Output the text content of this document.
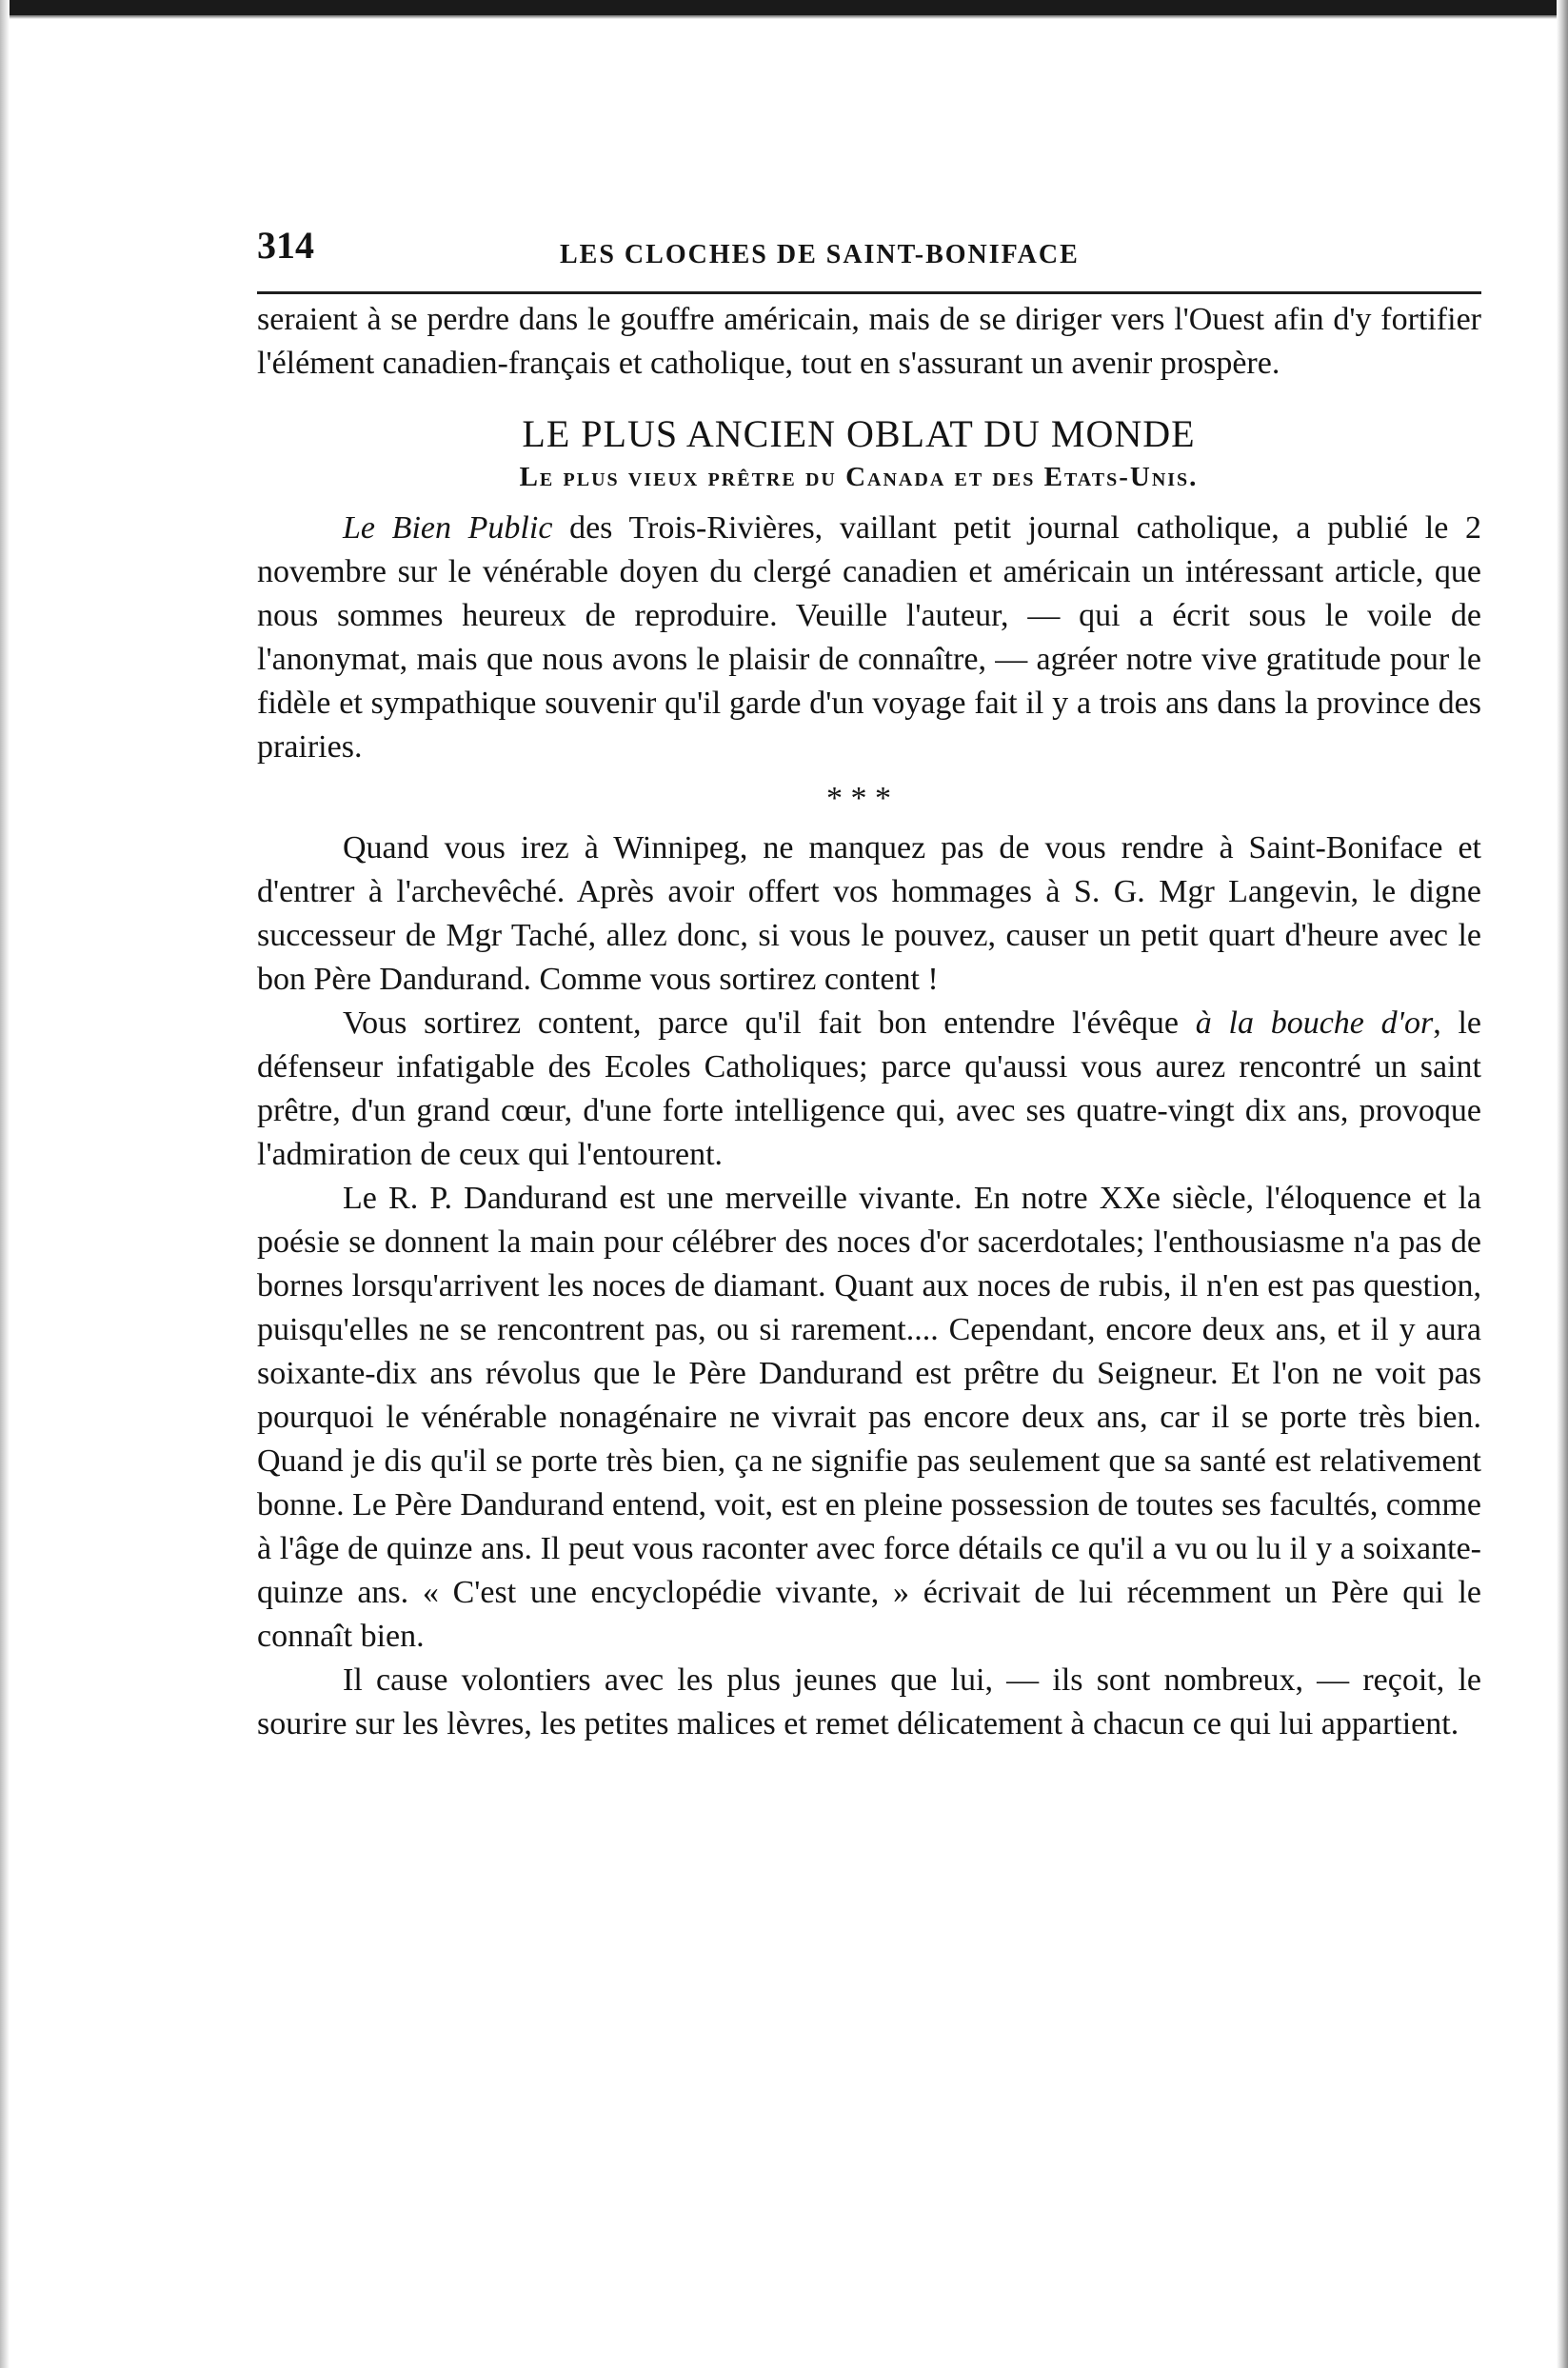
314	LES CLOCHES DE SAINT-BONIFACE

seraient à se perdre dans le gouffre américain, mais de se diriger vers l'Ouest afin d'y fortifier l'élément canadien-français et catholique, tout en s'assurant un avenir prospère.

LE PLUS ANCIEN OBLAT DU MONDE
Le plus vieux prêtre du Canada et des Etats-Unis.

Le Bien Public des Trois-Rivières, vaillant petit journal catholique, a publié le 2 novembre sur le vénérable doyen du clergé canadien et américain un intéressant article, que nous sommes heureux de reproduire. Veuille l'auteur, — qui a écrit sous le voile de l'anonymat, mais que nous avons le plaisir de connaître, — agréer notre vive gratitude pour le fidèle et sympathique souvenir qu'il garde d'un voyage fait il y a trois ans dans la province des prairies.

* * *

Quand vous irez à Winnipeg, ne manquez pas de vous rendre à Saint-Boniface et d'entrer à l'archevêché. Après avoir offert vos hommages à S. G. Mgr Langevin, le digne successeur de Mgr Taché, allez donc, si vous le pouvez, causer un petit quart d'heure avec le bon Père Dandurand. Comme vous sortirez content !

Vous sortirez content, parce qu'il fait bon entendre l'évêque à la bouche d'or, le défenseur infatigable des Ecoles Catholiques; parce qu'aussi vous aurez rencontré un saint prêtre, d'un grand cœur, d'une forte intelligence qui, avec ses quatre-vingt dix ans, provoque l'admiration de ceux qui l'entourent.

Le R. P. Dandurand est une merveille vivante. En notre XXe siècle, l'éloquence et la poésie se donnent la main pour célébrer des noces d'or sacerdotales; l'enthousiasme n'a pas de bornes lorsqu'arrivent les noces de diamant. Quant aux noces de rubis, il n'en est pas question, puisqu'elles ne se rencontrent pas, ou si rarement.... Cependant, encore deux ans, et il y aura soixante-dix ans révolus que le Père Dandurand est prêtre du Seigneur. Et l'on ne voit pas pourquoi le vénérable nonagénaire ne vivrait pas encore deux ans, car il se porte très bien. Quand je dis qu'il se porte très bien, ça ne signifie pas seulement que sa santé est relativement bonne. Le Père Dandurand entend, voit, est en pleine possession de toutes ses facultés, comme à l'âge de quinze ans. Il peut vous raconter avec force détails ce qu'il a vu ou lu il y a soixante-quinze ans. « C'est une encyclopédie vivante, » écrivait de lui récemment un Père qui le connaît bien.

Il cause volontiers avec les plus jeunes que lui, — ils sont nombreux, — reçoit, le sourire sur les lèvres, les petites malices et remet délicatement à chacun ce qui lui appartient.
